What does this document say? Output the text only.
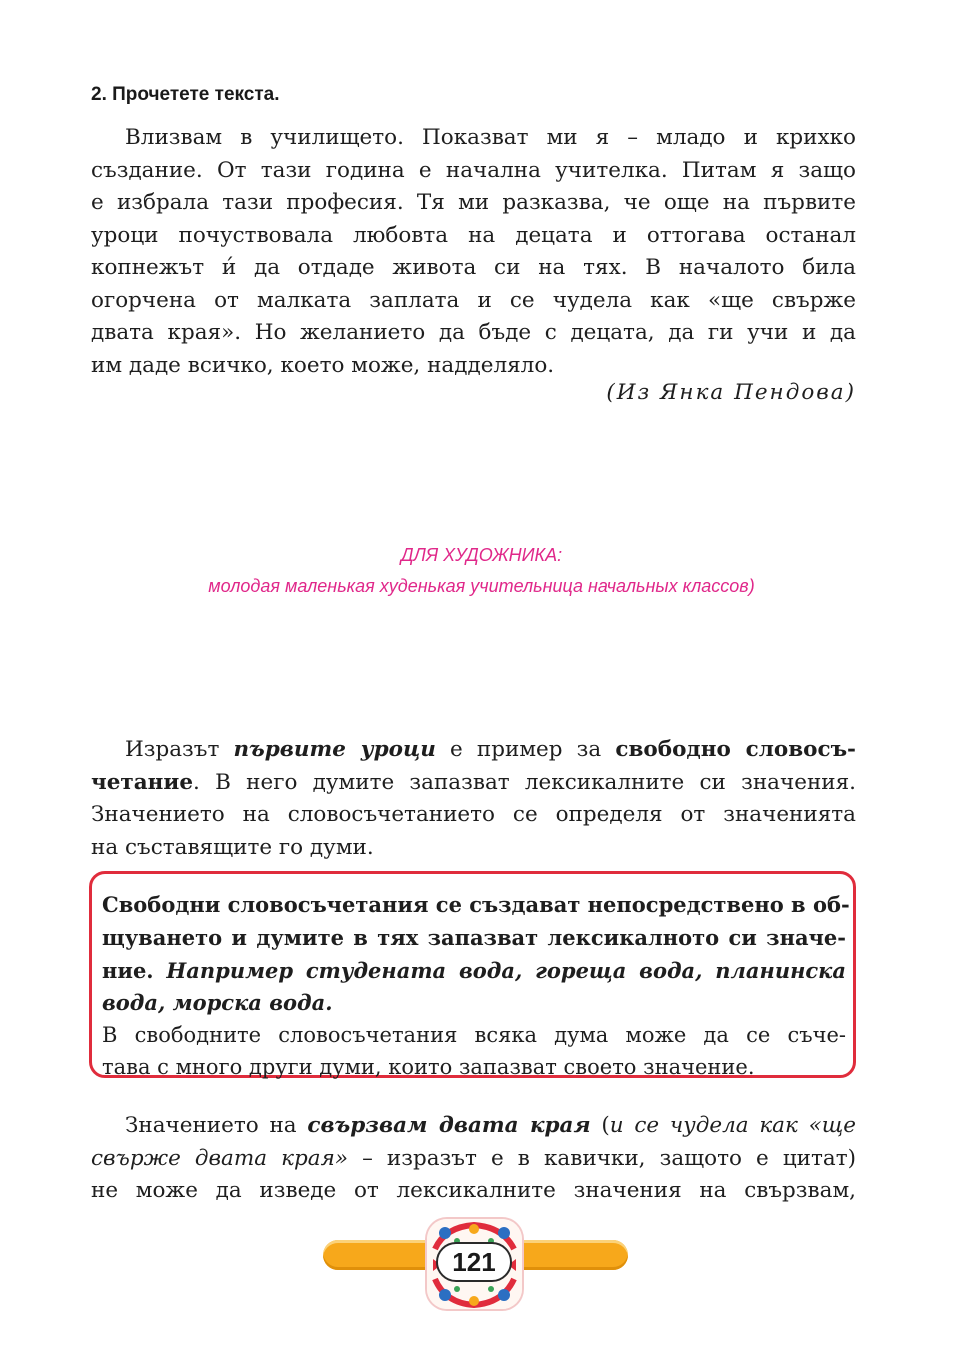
2. Прочетете текста.
Влизвам в училището. Показват ми я – младо и крихко
създание. От тази година е начална учителка. Питам я защо
е избрала тази професия. Тя ми разказва, че още на първите
уроци почуствовала любовта на децата и оттогава останал
копнежът и́ да отдаде живота си на тях. В началото била
огорчена от малката заплата и се чудела как «ще свърже
двата края». Но желанието да бъде с децата, да ги учи и да
им даде всичко, което може, надделяло.
(Из Янка Пендова)
ДЛЯ ХУДОЖНИКА:
молодая маленькая худенькая учительница начальных классов)
Изразът първите уроци е пример за свободно словосъ-
четание. В него думите запазват лексикалните си значения.
Значението на словосъчетанието се определя от значенията
на съставящите го думи.
Свободни словосъчетания се създават непосредствено в об-
щуването и думите в тях запазват лексикалното си значе-
ние. Например студената вода, гореща вода, планинска
вода, морска вода.
В свободните словосъчетания всяка дума може да се съче-
тава с много други думи, които запазват своето значение.
Значението на свързвам двата края (и се чудела как «ще
свърже двата края» – изразът е в кавички, защото е цитат)
не може да изведе от лексикалните значения на свързвам,
121
